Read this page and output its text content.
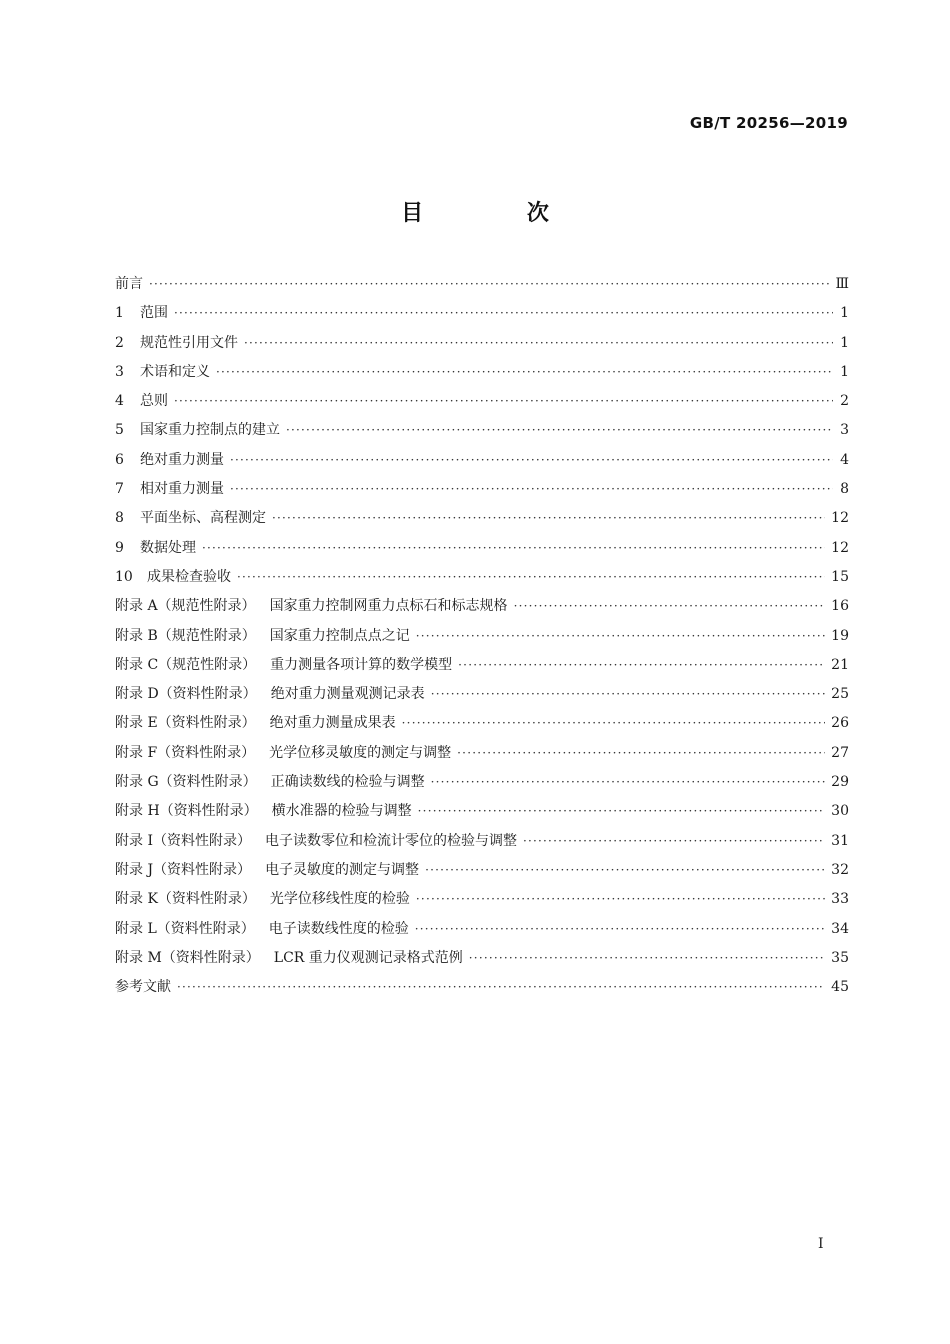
GB/T 20256—2019
目 次
前言 ·····	Ⅲ
1 范围 ·····	1
2 规范性引用文件 ·····	1
3 术语和定义 ·····	1
4 总则 ·····	2
5 国家重力控制点的建立 ·····	3
6 绝对重力测量 ·····	4
7 相对重力测量 ·····	8
8 平面坐标、高程测定 ·····	12
9 数据处理 ·····	12
10 成果检查验收 ·····	15
附录 A（规范性附录） 国家重力控制网重力点标石和标志规格 ·····	16
附录 B（规范性附录） 国家重力控制点点之记 ·····	19
附录 C（规范性附录） 重力测量各项计算的数学模型 ·····	21
附录 D（资料性附录） 绝对重力测量观测记录表 ·····	25
附录 E（资料性附录） 绝对重力测量成果表 ·····	26
附录 F（资料性附录） 光学位移灵敏度的测定与调整 ·····	27
附录 G（资料性附录） 正确读数线的检验与调整 ·····	29
附录 H（资料性附录） 横水准器的检验与调整 ·····	30
附录 I（资料性附录） 电子读数零位和检流计零位的检验与调整 ·····	31
附录 J（资料性附录） 电子灵敏度的测定与调整 ·····	32
附录 K（资料性附录） 光学位移线性度的检验 ·····	33
附录 L（资料性附录） 电子读数线性度的检验 ·····	34
附录 M（资料性附录） LCR 重力仪观测记录格式范例 ·····	35
参考文献 ·····	45
Ⅰ
